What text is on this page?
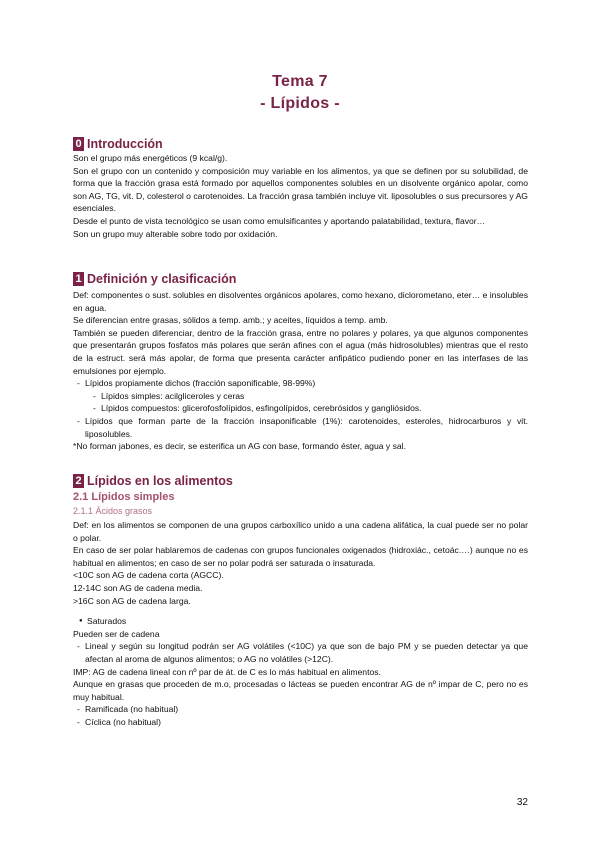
Tema 7
- Lípidos -
0 Introducción

Son el grupo más energéticos (9 kcal/g).

Son el grupo con un contenido y composición muy variable en los alimentos, ya que se definen por su solubilidad, de forma que la fracción grasa está formado por aquellos componentes solubles en un disolvente orgánico apolar, como son AG, TG, vit. D, colesterol o carotenoides. La fracción grasa también incluye vit. liposolubles o sus precursores y AG esenciales.

Desde el punto de vista tecnológico se usan como emulsificantes y aportando palatabilidad, textura, flavor…

Son un grupo muy alterable sobre todo por oxidación.

1 Definición y clasificación

Def: componentes o sust. solubles en disolventes orgánicos apolares, como hexano, diclorometano, eter… e insolubles en agua.

Se diferencian entre grasas, sólidos a temp. amb.; y aceites, líquidos a temp. amb.

También se pueden diferenciar, dentro de la fracción grasa, entre no polares y polares, ya que algunos componentes que presentarán grupos fosfatos más polares que serán afines con el agua (más hidrosolubles) mientras que el resto de la estruct. será más apolar, de forma que presenta carácter anfipático pudiendo poner en las interfases de las emulsiones por ejemplo.

- Lípidos propiamente dichos (fracción saponificable, 98-99%)

- Lípidos simples: acilgliceroles y ceras

- Lípidos compuestos: glicerofosfolípidos, esfingolípidos, cerebrósidos y gangliósidos.

- Lípidos que forman parte de la fracción insaponificable (1%): carotenoides, esteroles, hidrocarburos y vit. liposolubles.

*No forman jabones, es decir, se esterifica un AG con base, formando éster, agua y sal.

2 Lípidos en los alimentos
2.1 Lípidos simples
2.1.1 Ácidos grasos

Def: en los alimentos se componen de una grupos carboxílico unido a una cadena alifática, la cual puede ser no polar o polar.

En caso de ser polar hablaremos de cadenas con grupos funcionales oxigenados (hidroxiác., cetoác.…) aunque no es habitual en alimentos; en caso de ser no polar podrá ser saturada o insaturada.

<10C son AG de cadena corta (AGCC).

12-14C son AG de cadena media.

>16C son AG de cadena larga.

● Saturados

Pueden ser de cadena

- Lineal y según su longitud podrán ser AG volátiles (<10C) ya que son de bajo PM y se pueden detectar ya que afectan al aroma de algunos alimentos; o AG no volátiles (>12C).

IMP: AG de cadena lineal con nº par de át. de C es lo más habitual en alimentos.

Aunque en grasas que proceden de m.o, procesadas o lácteas se pueden encontrar AG de nº impar de C, pero no es muy habitual.

- Ramificada (no habitual)

- Cíclica (no habitual)

32
